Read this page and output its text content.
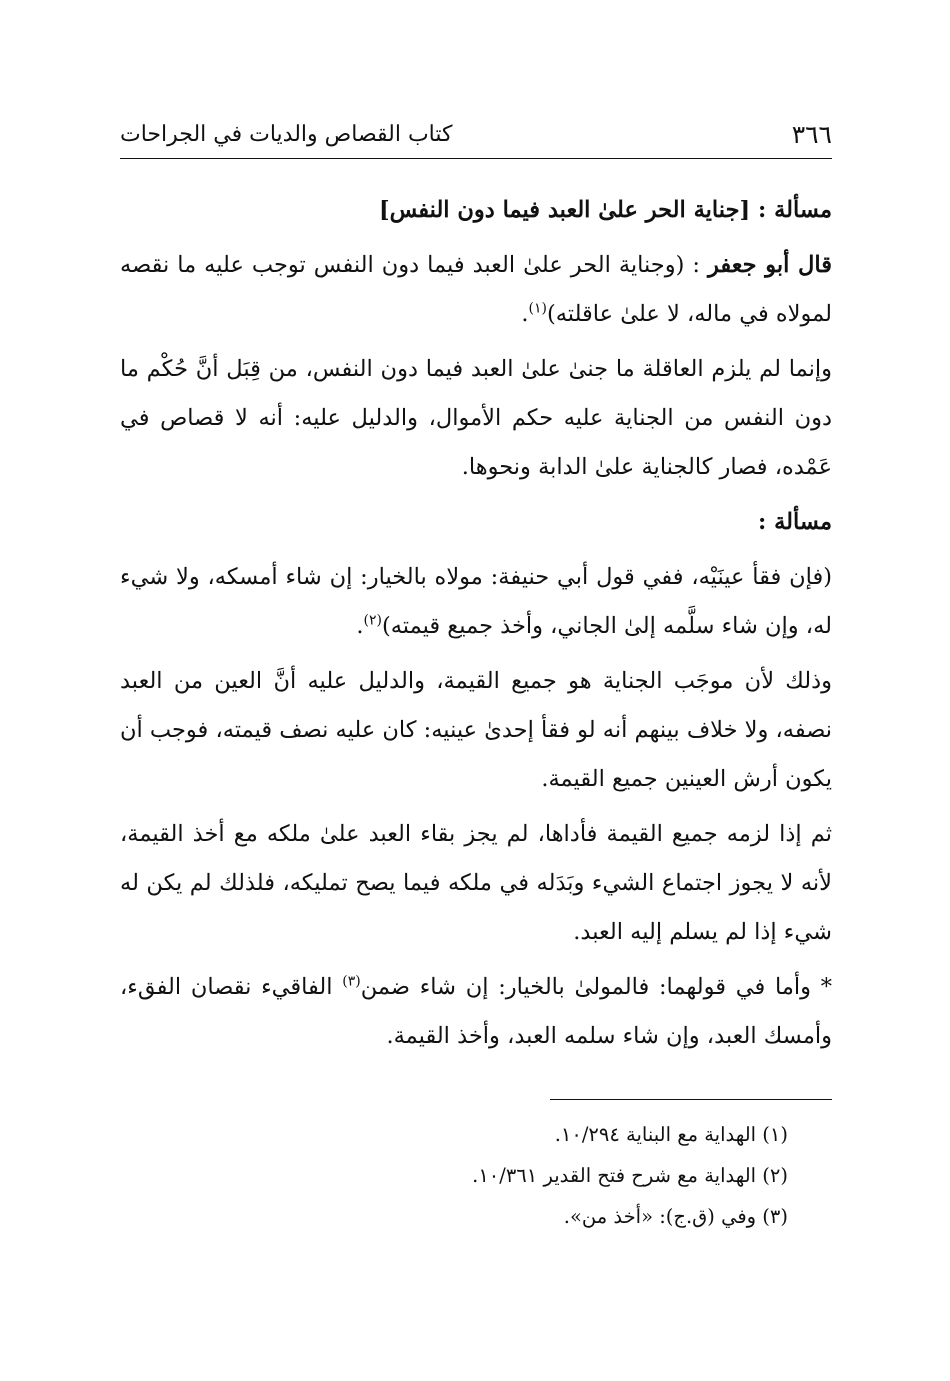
٣٦٦
كتاب القصاص والديات في الجراحات

مسألة : [جناية الحر علىٰ العبد فيما دون النفس]

قال أبو جعفر : (وجناية الحر علىٰ العبد فيما دون النفس توجب عليه ما نقصه لمولاه في ماله، لا علىٰ عاقلته)$^{(١)}$.

وإنما لم يلزم العاقلة ما جنىٰ علىٰ العبد فيما دون النفس، من قِبَل أنَّ حُكْم ما دون النفس من الجناية عليه حكم الأموال، والدليل عليه: أنه لا قصاص في عَمْده، فصار كالجناية علىٰ الدابة ونحوها.

مسألة :

(فإن فقأ عينَيْه، ففي قول أبي حنيفة: مولاه بالخيار: إن شاء أمسكه، ولا شيء له، وإن شاء سلَّمه إلىٰ الجاني، وأخذ جميع قيمته)$^{(٢)}$.

وذلك لأن موجَب الجناية هو جميع القيمة، والدليل عليه أنَّ العين من العبد نصفه، ولا خلاف بينهم أنه لو فقأ إحدىٰ عينيه: كان عليه نصف قيمته، فوجب أن يكون أرش العينين جميع القيمة.

ثم إذا لزمه جميع القيمة فأداها، لم يجز بقاء العبد علىٰ ملكه مع أخذ القيمة، لأنه لا يجوز اجتماع الشيء وبَدَله في ملكه فيما يصح تمليكه، فلذلك لم يكن له شيء إذا لم يسلم إليه العبد.

* وأما في قولهما: فالمولىٰ بالخيار: إن شاء ضمن$^{(٣)}$ الفاقيء نقصان الفقء، وأمسك العبد، وإن شاء سلمه العبد، وأخذ القيمة.

(١) الهداية مع البناية ١٠/٢٩٤.
(٢) الهداية مع شرح فتح القدير ١٠/٣٦١.
(٣) وفي (ق.ج): «أخذ من».
